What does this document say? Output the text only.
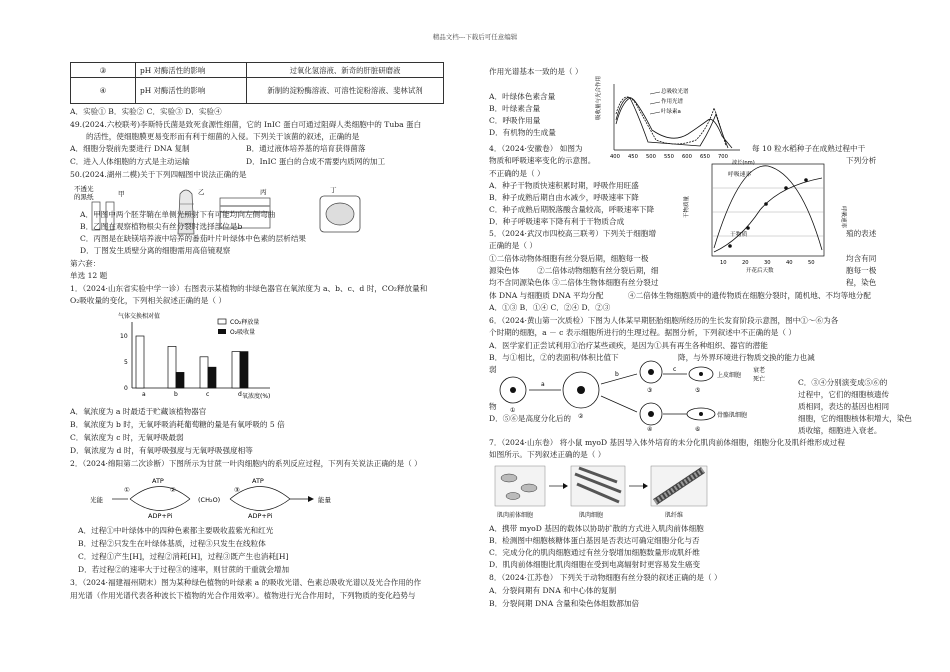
精品文档---下载后可任意编辑
③	pH 对酶活性的影响	过氧化氢溶液、新奇的肝脏研磨液
④	pH 对酶活性的影响	新制的淀粉酶溶液、可溶性淀粉溶液、斐林试剂
A．实验① B．实验② C．实验③ D．实验④
49.(2024.六校联考)李斯特氏菌是致死食源性细菌，它的 InIC 蛋白可通过阻碍人类细胞中的 Tuba 蛋白
的活性，使细胞膜更易变形而有利于细菌的入侵。下列关于该菌的叙述，正确的是
A．细胞分裂前先要进行 DNA 复制	B．通过液体培养基的培育获得菌落
C．进入人体细胞的方式是主动运输	D．InIC 蛋白的合成不需要内质网的加工
50.(2024.湖州二模)关于下列四幅图中说法正确的是
不透光
的黑纸	甲	乙	丙	丁
A．甲图中两个胚芽鞘在单侧光照射下有可能均向左侧弯曲
B．乙图在观察植物根尖有丝分裂时选择部位是b
C．丙图是在缺镁培养液中培养的番茄叶片叶绿体中色素的层析结果
D．丁图发生质壁分离的细胞需用高倍镜观察
第六套：
单选 12 题
1．（2024·山东省实验中学一诊）右图表示某植物的非绿色器官在氧浓度为 a、b、c、d 时，CO₂释放量和
O₂吸收量的变化，下列相关叙述正确的是（ ）
气体交换相对值
CO₂释放量
O₂吸收量
0
5
10
a	b	c	d 氧浓度(%)
A．氧浓度为 a 时最适于贮藏该植物器官
B．氧浓度为 b 时，无氧呼吸消耗葡萄糖的量是有氧呼吸的 5 倍
C．氧浓度为 c 时，无氧呼吸最弱
D．氧浓度为 d 时，有氧呼吸强度与无氧呼吸强度相等
2．（2024·绵阳第二次诊断）下图所示为甘蔗一叶肉细胞内的系列反应过程，下列有关说法正确的是（ ）
光能
ATP
ADP+Pi
①	②
(CH₂O)
ATP
ADP+Pi
③
能量
A．过程①中叶绿体中的四种色素都主要吸收蓝紫光和红光
B．过程②只发生在叶绿体基质，过程③只发生在线粒体
C．过程①产生[H]，过程②消耗[H]，过程③既产生也消耗[H]
D．若过程②的速率大于过程③的速率，则甘蔗的干重就会增加
3．（2024·福建福州期末）图为某种绿色植物的叶绿素 a 的吸收光谱、色素总吸收光谱以及光合作用的作
用光谱（作用光谱代表各种波长下植物的光合作用效率）。植物进行光合作用时，下列物质的变化趋势与
作用光谱基本一致的是（ ）
A．叶绿体色素含量
B．叶绿素含量
C．呼吸作用量
D．有机物的生成量
吸收量与光合作用	总吸收光谱
作用光谱
叶绿素a
400 450 500 550 600 650 700
波长(nm)
4．（2024·安徽卷） 如图为	每 10 粒水稻种子在成熟过程中干
物质和呼吸速率变化的示意图。	下列分析
不正确的是（ ）
A．种子干物质快速积累时期，呼吸作用旺盛
B．种子成熟后期自由水减少，呼吸速率下降
C．种子成熟后期脱落酸含量较高，呼吸速率下降
D．种子呼吸速率下降有利于干物质合成
干物质量	呼吸速率
呼吸速率
干物质
10	20	30	40	50
开花后天数
5．（2024·武汉市四校高三联考）下列关于细胞增	殖的表述
正确的是（ ）
均含有同
①二倍体动物体细胞有丝分裂后期，细胞每一极
源染色体 ②二倍体动物细胞有丝分裂后期，细	胞每一极
均不含同源染色体 ③二倍体生物体细胞有丝分裂过	程，染色
体 DNA 与细胞质 DNA 平均分配	④二倍体生物细胞质中的遗传物质在细胞分裂时，随机地、不均等地分配
A．①③ B．①④ C．②④ D．②③
6．（2024·黄山第一次质检）下图为人体某早期胚胎细胞所经历的生长发育阶段示意图，图中①～⑥为各
个时期的细胞，a － c 表示细胞所进行的生理过程。据图分析，下列叙述中不正确的是（ ）
A．医学家们正尝试利用①治疗某些顽疾，是因为①具有再生各种组织、器官的潜能
B．与①相比，②的表面积/体积比值下	降，与外界环境进行物质交换的能力也减
弱
①
a
②
b
③
④
c
上皮细胞
骨骼肌细胞
⑤
⑥
衰老
死亡	C．③④分别演变成⑤⑥的
过程中，它们的细胞核遗传
质相同，表达的基因也相同
D．⑤⑥是高度分化后的	细胞，它的细胞核体积增大，染色
物
质收缩，细胞进入衰老。
7．（2024·山东卷） 将小鼠 myoD 基因导入体外培育的未分化肌肉前体细胞，细胞分化及肌纤维形成过程
如图所示。下列叙述正确的是（ ）
肌肉前体细胞	肌肉细胞	肌纤维
A．携带 myoD 基因的载体以协助扩散的方式进入肌肉前体细胞
B．检测图中细胞核糖体蛋白基因是否表达可确定细胞分化与否
C．完成分化的肌肉细胞通过有丝分裂增加细胞数量形成肌纤维
D．肌肉前体细胞比肌肉细胞在受到电离辐射时更容易发生癌变
8．（2024·江苏卷） 下列关于动物细胞有丝分裂的叙述正确的是（ ）
A．分裂间期有 DNA 和中心体的复制
B．分裂间期 DNA 含量和染色体组数都加倍
